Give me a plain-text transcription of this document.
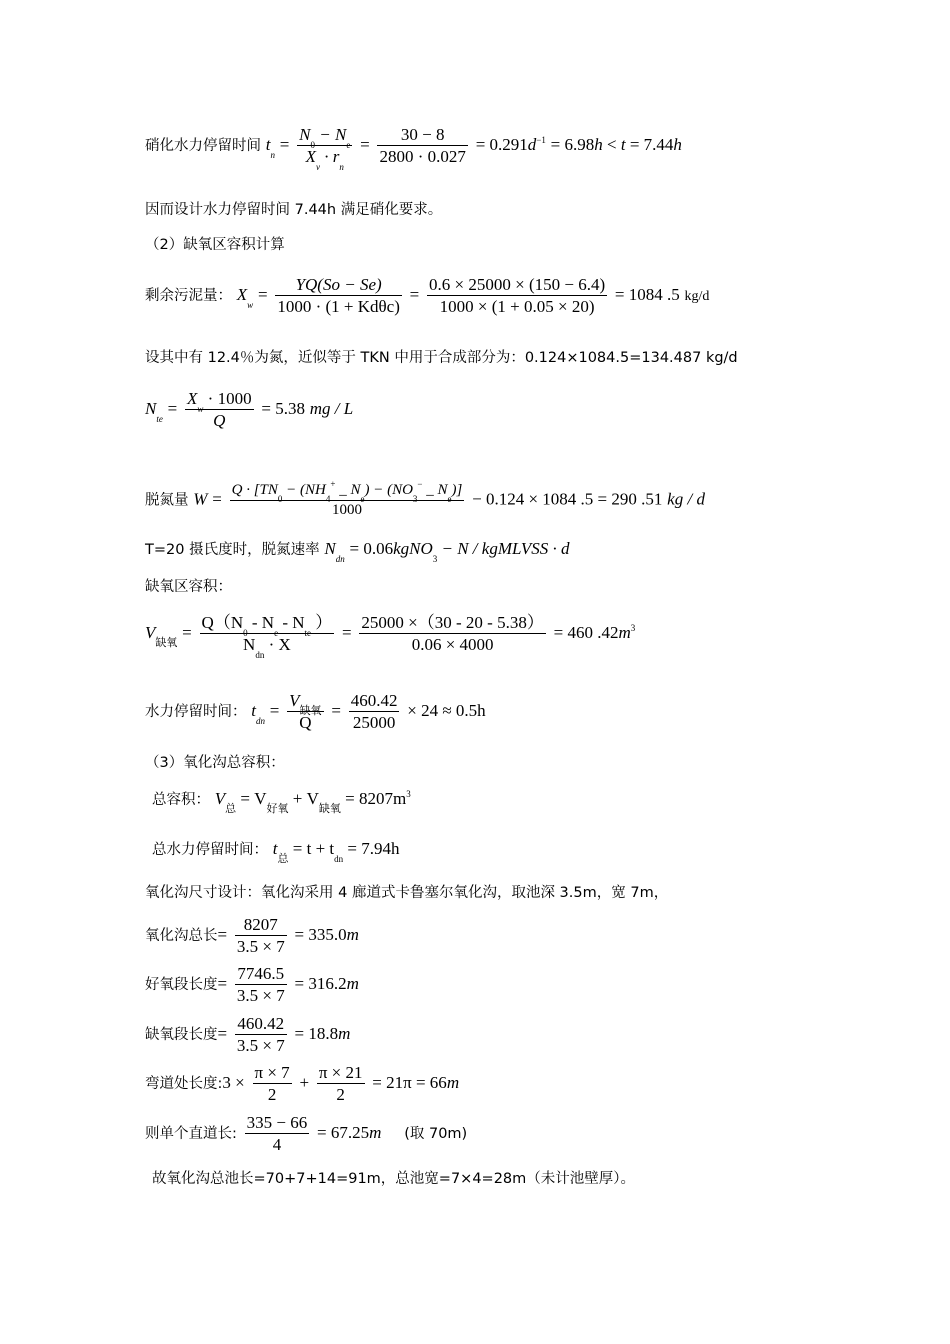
硝化水力停留时间 $t_n = \frac{N_0 - N_e}{X_v \cdot r_n} = \frac{30 - 8}{2800 \cdot 0.027} = 0.291d^{-1} = 6.98h < t = 7.44h$
因而设计水力停留时间 7.44h 满足硝化要求。
（2）缺氧区容积计算
剩余污泥量： $X_w = \frac{YQ(So - Se)}{\text{1000 · (1 + Kdθc)}} = \frac{0.6 \times 25000 \times (150 - 6.4)}{1000 \times (1 + 0.05 \times 20)} = 1084$ .5 kg/d
设其中有 12.4％为氮，近似等于 TKN 中用于合成部分为：0.124×1084.5=134.487 kg/d
$N_{te} = \frac{X_w \cdot 1000}{Q} = 5.38$ mg / L
脱氮量 $W = \frac{Q \cdot [TN_0 - (NH_4^+ \_ N_e) - (NO_3^- \_ N_e)]}{1000} - 0.124 \times 1084$ .5 = 290 .51 kg / d
T=20 摄氏度时，脱氮速率 $N_{dn}$ = 0.06kgNO$_3$ − N / kgMLVSS · d
缺氧区容积：
$V_{缺氧} = \frac{Q(N_0 - N_e - N_{te} )}{N_{dn} \cdot X} = \frac{25000 \times(30 - 20 - 5.38)}{0.06 \times 4000} = 460$ $.42m^3$
水力停留时间： $t_{dn} = \frac{V_{缺氧}}{Q} = \frac{460.42}{25000} \times 24 \approx 0.5h$
（3）氧化沟总容积：
总容积： $V_总 = V_{好氧} + V_{缺氧} = 8207m^3$
总水力停留时间： $t_总 = t + t_{dn} = 7.94h$
氧化沟尺寸设计：氧化沟采用 4 廊道式卡鲁塞尔氧化沟，取池深 3.5m，宽 7m，
氧化沟总长= $\frac{8207}{3.5 \times 7} = 335.0m$
好氧段长度= $\frac{7746.5}{3.5 \times 7} = 316.2m$
缺氧段长度= $\frac{460.42}{3.5 \times 7} = 18.8m$
弯道处长度:3 × $\frac{\pi \times 7}{2} + \frac{\pi \times 21}{2} = 21\pi = 66m$
则单个直道长: $\frac{335 - 66}{4} = 67.25m$ (取 70m)
故氧化沟总池长=70+7+14=91m，总池宽=7×4=28m（未计池壁厚）。
